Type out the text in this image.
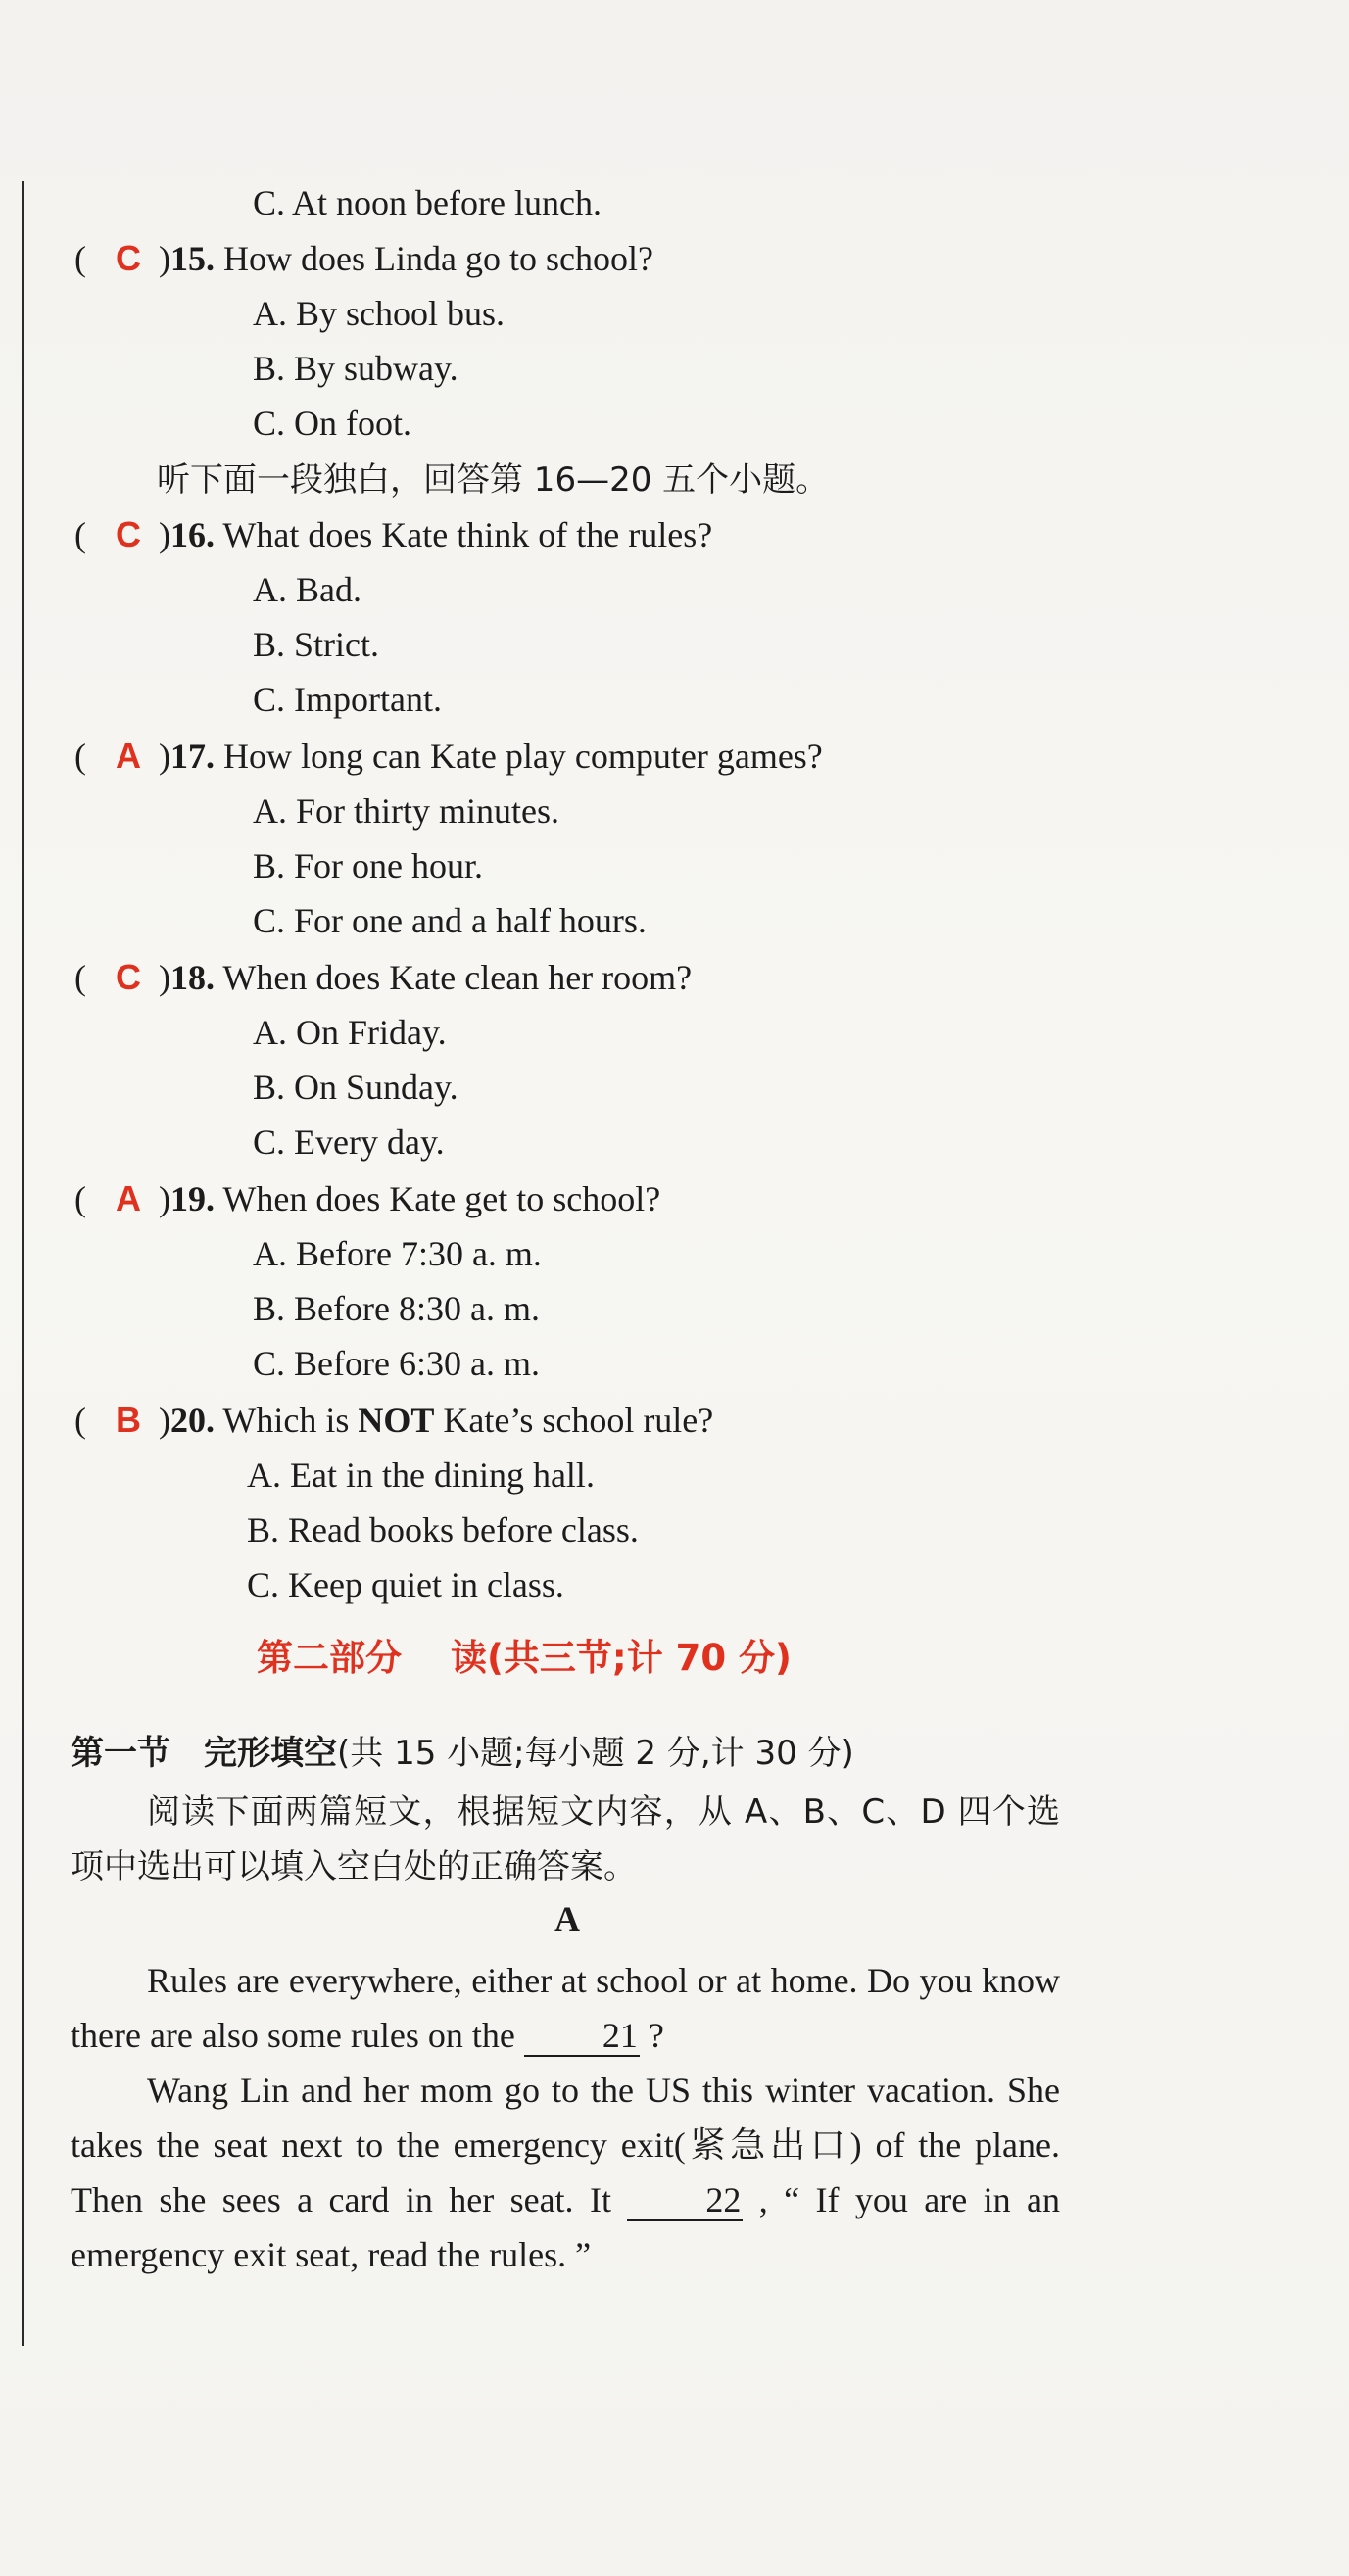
C. At noon before lunch.
( C )15. How does Linda go to school?
A. By school bus.
B. By subway.
C. On foot.
听下面一段独白，回答第 16—20 五个小题。
( C )16. What does Kate think of the rules?
A. Bad.
B. Strict.
C. Important.
( A )17. How long can Kate play computer games?
A. For thirty minutes.
B. For one hour.
C. For one and a half hours.
( C )18. When does Kate clean her room?
A. On Friday.
B. On Sunday.
C. Every day.
( A )19. When does Kate get to school?
A. Before 7:30 a. m.
B. Before 8:30 a. m.
C. Before 6:30 a. m.
( B )20. Which is NOT Kate’s school rule?
A. Eat in the dining hall.
B. Read books before class.
C. Keep quiet in class.
第二部分 读(共三节;计 70 分)
第一节　完形填空(共 15 小题;每小题 2 分,计 30 分)
阅读下面两篇短文，根据短文内容，从 A、B、C、D 四个选项中选出可以填入空白处的正确答案。
A
Rules are everywhere, either at school or at home. Do you know there are also some rules on the 21 ?
Wang Lin and her mom go to the US this winter vacation. She takes the seat next to the emergency exit(紧急出口) of the plane. Then she sees a card in her seat. It 22 , “ If you are in an emergency exit seat, read the rules. ”
